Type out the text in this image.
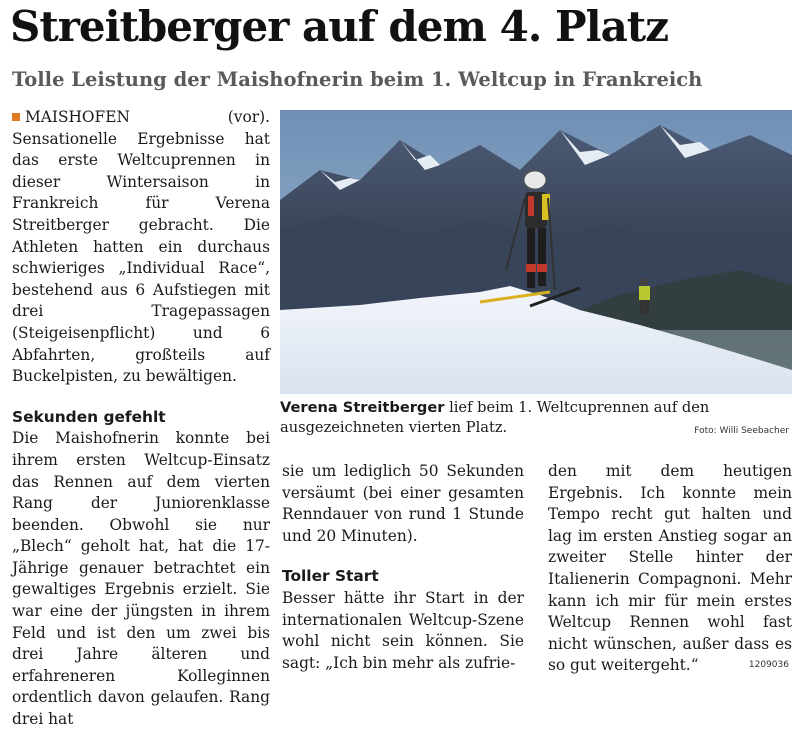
Streitberger auf dem 4. Platz
Tolle Leistung der Maishofnerin beim 1. Weltcup in Frankreich

MAISHOFEN (vor). Sensationelle Ergebnisse hat das erste Weltcuprennen in dieser Wintersaison in Frankreich für Verena Streitberger gebracht. Die Athleten hatten ein durchaus schwieriges „Individual Race“, bestehend aus 6 Aufstiegen mit drei Tragepassagen (Steigeisenpflicht) und 6 Abfahrten, großteils auf Buckelpisten, zu bewältigen.

Sekunden gefehlt

Die Maishofnerin konnte bei ihrem ersten Weltcup-Einsatz das Rennen auf dem vierten Rang der Juniorenklasse beenden. Obwohl sie nur „Blech“ geholt hat, hat die 17-Jährige genauer betrachtet ein gewaltiges Ergebnis erzielt. Sie war eine der jüngsten in ihrem Feld und ist den um zwei bis drei Jahre älteren und erfahreneren Kolleginnen ordentlich davon gelaufen. Rang drei hat

sie um lediglich 50 Sekunden versäumt (bei einer gesamten Renndauer von rund 1 Stunde und 20 Minuten).

Toller Start

Besser hätte ihr Start in der internationalen Weltcup-Szene wohl nicht sein können. Sie sagt: „Ich bin mehr als zufrie-

den mit dem heutigen Ergebnis. Ich konnte mein Tempo recht gut halten und lag im ersten Anstieg sogar an zweiter Stelle hinter der Italienerin Compagnoni. Mehr kann ich mir für mein erstes Weltcup Rennen wohl fast nicht wünschen, außer dass es so gut weitergeht.“

Verena Streitberger lief beim 1. Weltcuprennen auf den ausgezeichneten vierten Platz.	Foto: Willi Seebacher
1209036
